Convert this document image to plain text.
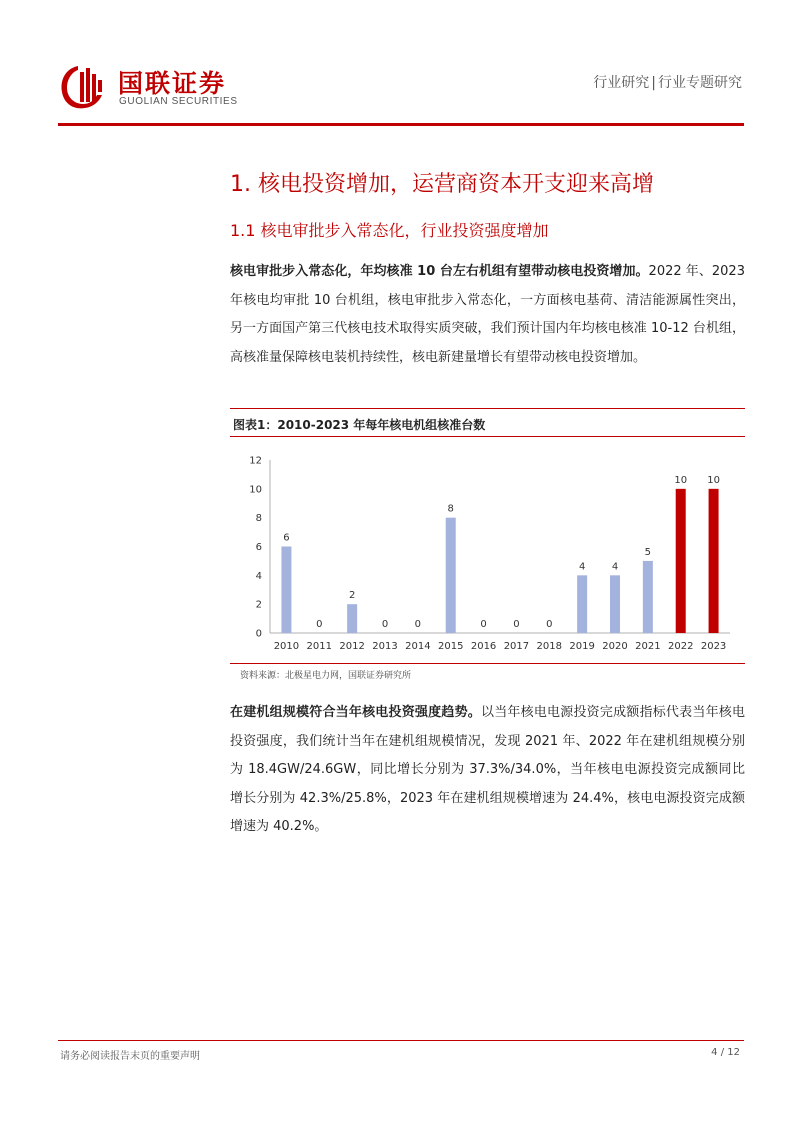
国联证券
GUOLIAN SECURITIES
行业研究 | 行业专题研究
1. 核电投资增加，运营商资本开支迎来高增
1.1 核电审批步入常态化，行业投资强度增加
核电审批步入常态化，年均核准 10 台左右机组有望带动核电投资增加。2022 年、2023 年核电均审批 10 台机组，核电审批步入常态化，一方面核电基荷、清洁能源属性突出，另一方面国产第三代核电技术取得实质突破，我们预计国内年均核电核准 10-12 台机组，高核准量保障核电装机持续性，核电新建量增长有望带动核电投资增加。
图表1：2010-2023 年每年核电机组核准台数
0
2
4
6
8
10
12
6
2010
0
2011
2
2012
0
2013
0
2014
8
2015
0
2016
0
2017
0
2018
4
2019
4
2020
5
2021
10
2022
10
2023
资料来源：北极星电力网，国联证券研究所
在建机组规模符合当年核电投资强度趋势。以当年核电电源投资完成额指标代表当年核电投资强度，我们统计当年在建机组规模情况，发现 2021 年、2022 年在建机组规模分别为 18.4GW/24.6GW，同比增长分别为 37.3%/34.0%，当年核电电源投资完成额同比增长分别为 42.3%/25.8%，2023 年在建机组规模增速为 24.4%，核电电源投资完成额增速为 40.2%。
请务必阅读报告末页的重要声明	4 / 12
